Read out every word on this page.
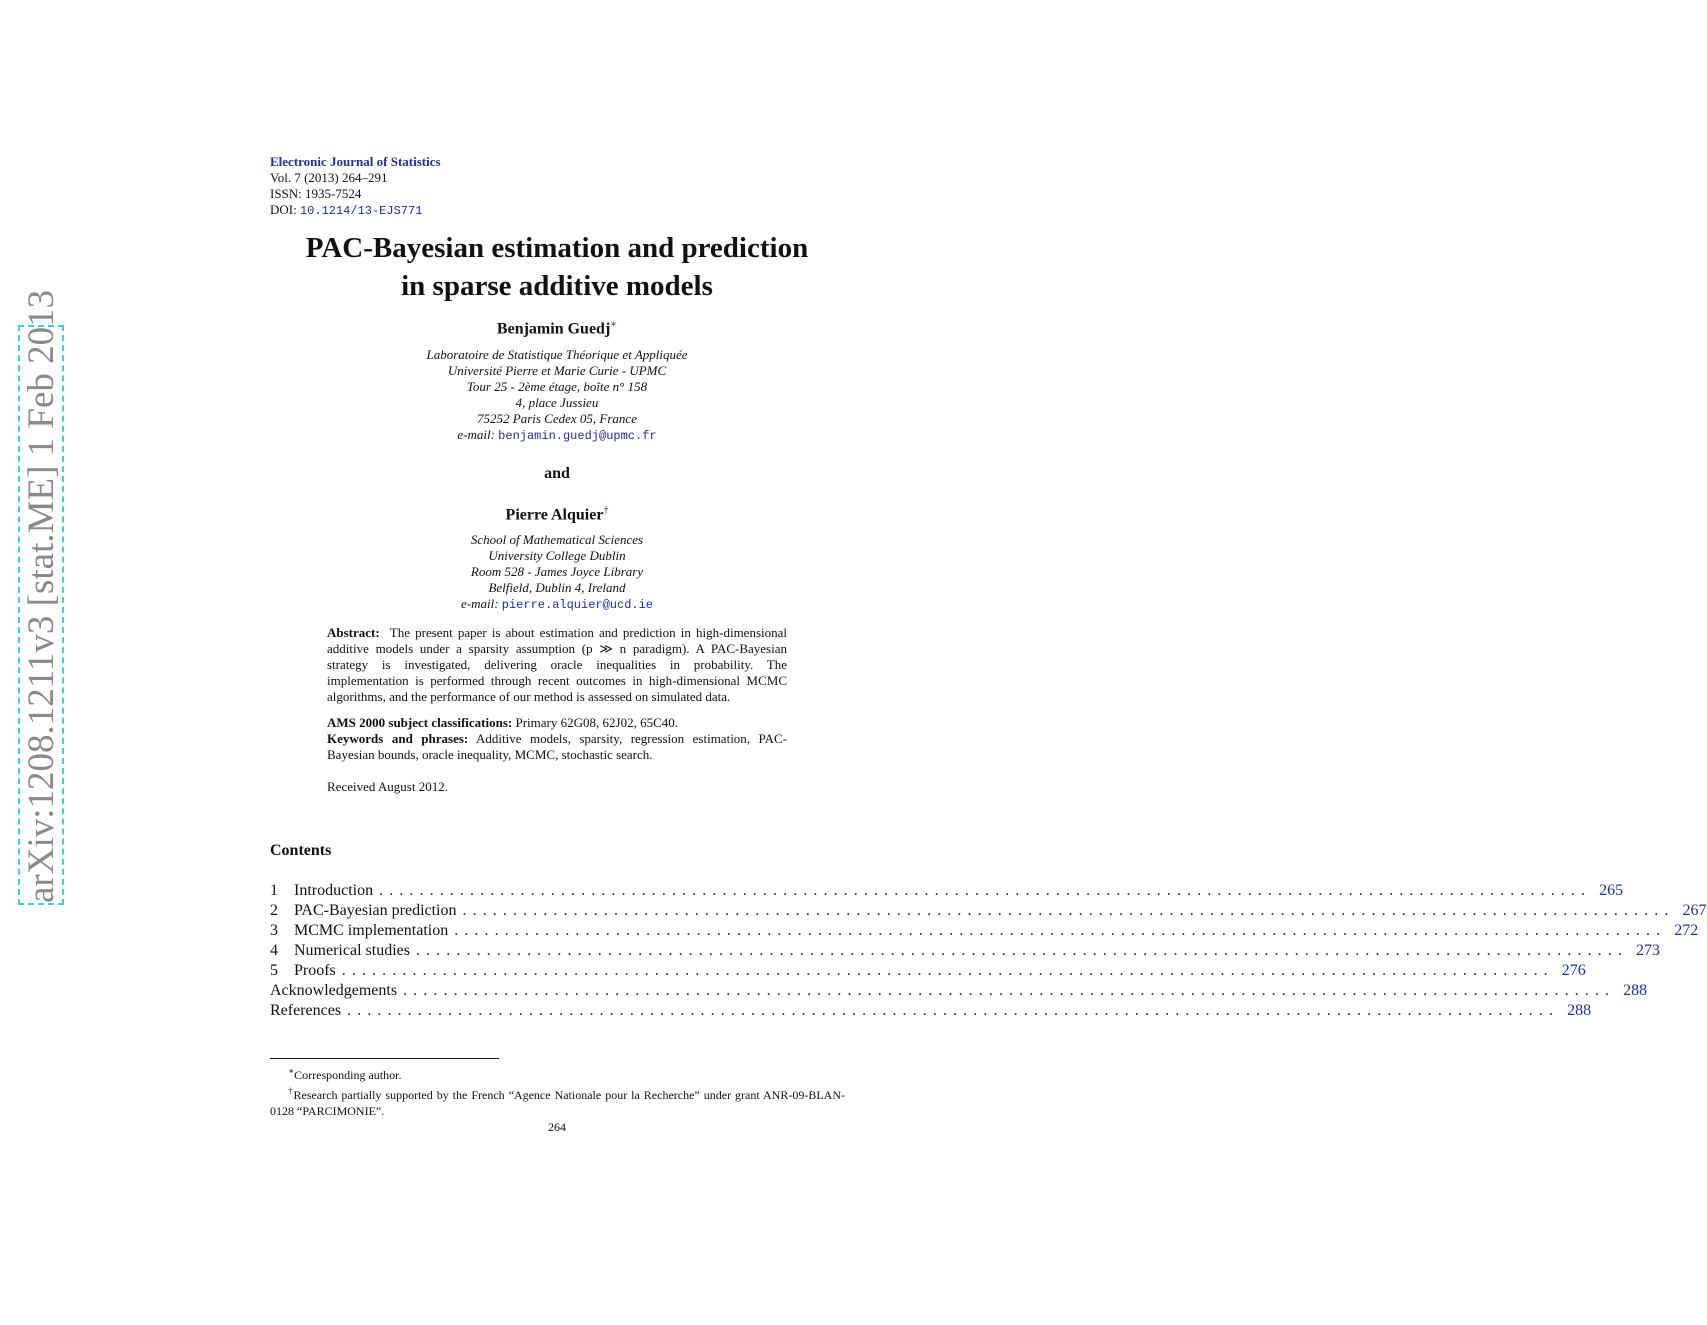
arXiv:1208.1211v3 [stat.ME] 1 Feb 2013
Electronic Journal of Statistics
Vol. 7 (2013) 264–291
ISSN: 1935-7524
DOI: 10.1214/13-EJS771
PAC-Bayesian estimation and prediction
in sparse additive models
Benjamin Guedj∗
Laboratoire de Statistique Théorique et Appliquée
Université Pierre et Marie Curie - UPMC
Tour 25 - 2ème étage, boîte n° 158
4, place Jussieu
75252 Paris Cedex 05, France
e-mail: benjamin.guedj@upmc.fr
and
Pierre Alquier†
School of Mathematical Sciences
University College Dublin
Room 528 - James Joyce Library
Belfield, Dublin 4, Ireland
e-mail: pierre.alquier@ucd.ie

Abstract: The present paper is about estimation and prediction in high-dimensional additive models under a sparsity assumption (p ≫ n paradigm). A PAC-Bayesian strategy is investigated, delivering oracle inequalities in probability. The implementation is performed through recent outcomes in high-dimensional MCMC algorithms, and the performance of our method is assessed on simulated data.

AMS 2000 subject classifications: Primary 62G08, 62J02, 65C40.

Keywords and phrases: Additive models, sparsity, regression estimation, PAC-Bayesian bounds, oracle inequality, MCMC, stochastic search.

Received August 2012.

Contents
1	Introduction ........................................................................................................................ 265
2	PAC-Bayesian prediction ........................................................................................................................ 267
3	MCMC implementation ........................................................................................................................ 272
4	Numerical studies ........................................................................................................................ 273
5	Proofs ........................................................................................................................ 276
Acknowledgements ........................................................................................................................ 288
References ........................................................................................................................ 288

∗Corresponding author.

†Research partially supported by the French “Agence Nationale pour la Recherche” under grant ANR-09-BLAN-0128 “PARCIMONIE”.

264
